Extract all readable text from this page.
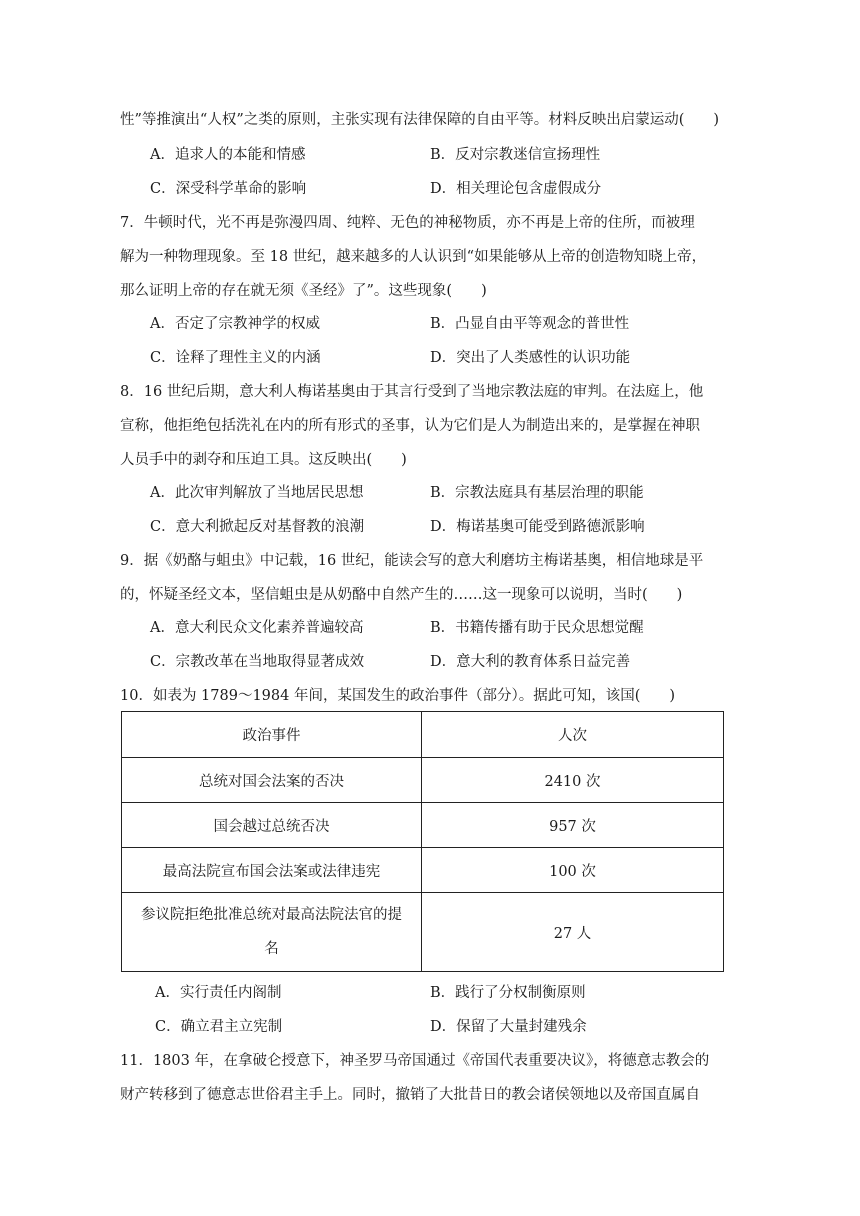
性”等推演出“人权”之类的原则，主张实现有法律保障的自由平等。材料反映出启蒙运动(　　)
A．追求人的本能和情感	B．反对宗教迷信宣扬理性
C．深受科学革命的影响	D．相关理论包含虚假成分
7．牛顿时代，光不再是弥漫四周、纯粹、无色的神秘物质，亦不再是上帝的住所，而被理
解为一种物理现象。至 18 世纪，越来越多的人认识到“如果能够从上帝的创造物知晓上帝，
那么证明上帝的存在就无须《圣经》了”。这些现象(　　)
A．否定了宗教神学的权威	B．凸显自由平等观念的普世性
C．诠释了理性主义的内涵	D．突出了人类感性的认识功能
8．16 世纪后期，意大利人梅诺基奥由于其言行受到了当地宗教法庭的审判。在法庭上，他
宣称，他拒绝包括洗礼在内的所有形式的圣事，认为它们是人为制造出来的，是掌握在神职
人员手中的剥夺和压迫工具。这反映出(　　)
A．此次审判解放了当地居民思想	B．宗教法庭具有基层治理的职能
C．意大利掀起反对基督教的浪潮	D．梅诺基奥可能受到路德派影响
9．据《奶酪与蛆虫》中记载，16 世纪，能读会写的意大利磨坊主梅诺基奥，相信地球是平
的，怀疑圣经文本，坚信蛆虫是从奶酪中自然产生的……这一现象可以说明，当时(　　)
A．意大利民众文化素养普遍较高	B．书籍传播有助于民众思想觉醒
C．宗教改革在当地取得显著成效	D．意大利的教育体系日益完善
10．如表为 1789～1984 年间，某国发生的政治事件（部分）。据此可知，该国(　　)
政治事件	人次
总统对国会法案的否决	2410 次
国会越过总统否决	957 次
最高法院宣布国会法案或法律违宪	100 次
参议院拒绝批准总统对最高法院法官的提
名	27 人
A．实行责任内阁制	B．践行了分权制衡原则
C．确立君主立宪制	D．保留了大量封建残余
11．1803 年，在拿破仑授意下，神圣罗马帝国通过《帝国代表重要决议》，将德意志教会的
财产转移到了德意志世俗君主手上。同时，撤销了大批昔日的教会诸侯领地以及帝国直属自
